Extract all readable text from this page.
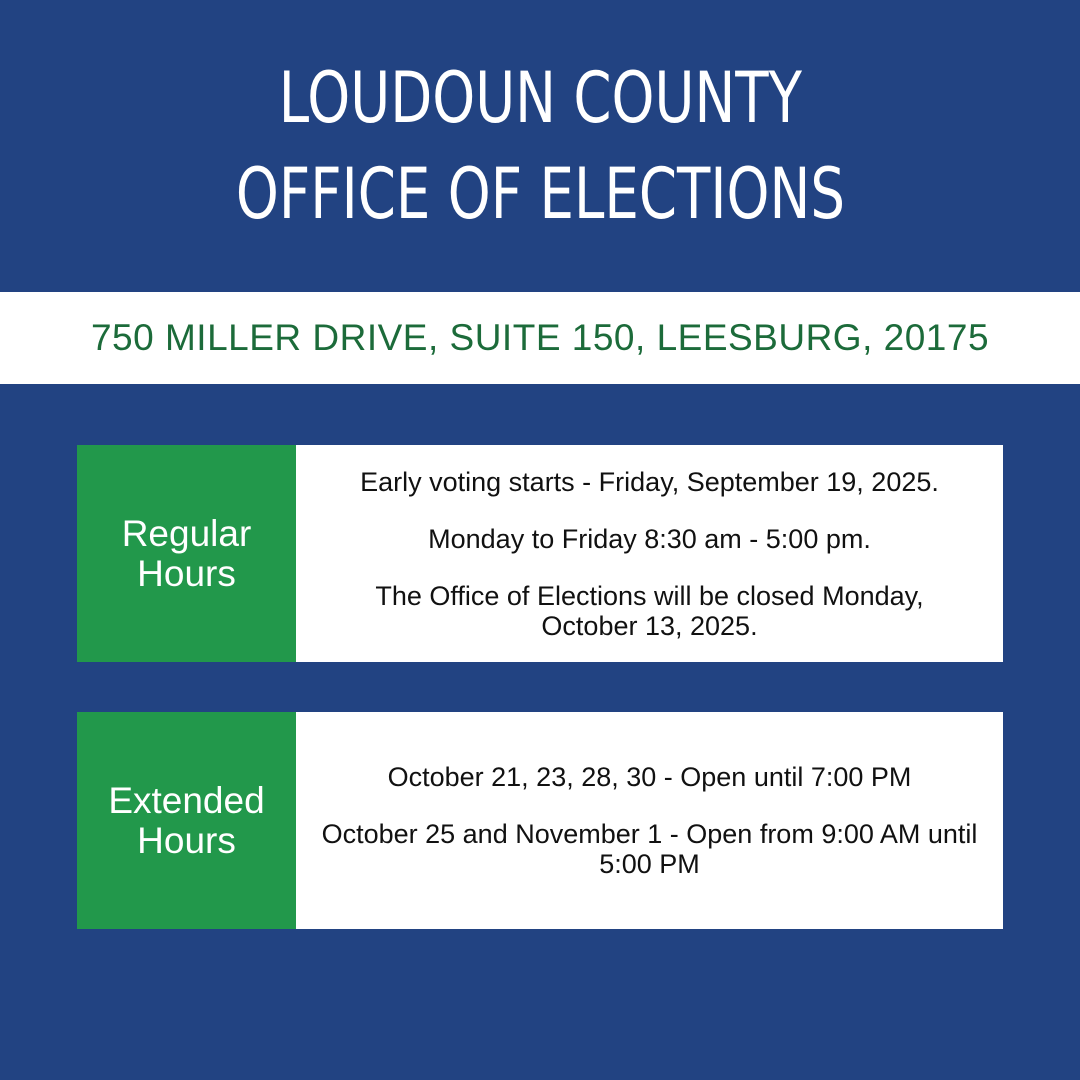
LOUDOUN COUNTY
OFFICE OF ELECTIONS
750 MILLER DRIVE, SUITE 150, LEESBURG, 20175
Regular
Hours

Early voting starts - Friday, September 19, 2025.

Monday to Friday 8:30 am - 5:00 pm.

The Office of Elections will be closed Monday, October 13, 2025.

Extended
Hours

October 21, 23, 28, 30 - Open until 7:00 PM

October 25 and November 1 - Open from 9:00 AM until 5:00 PM
